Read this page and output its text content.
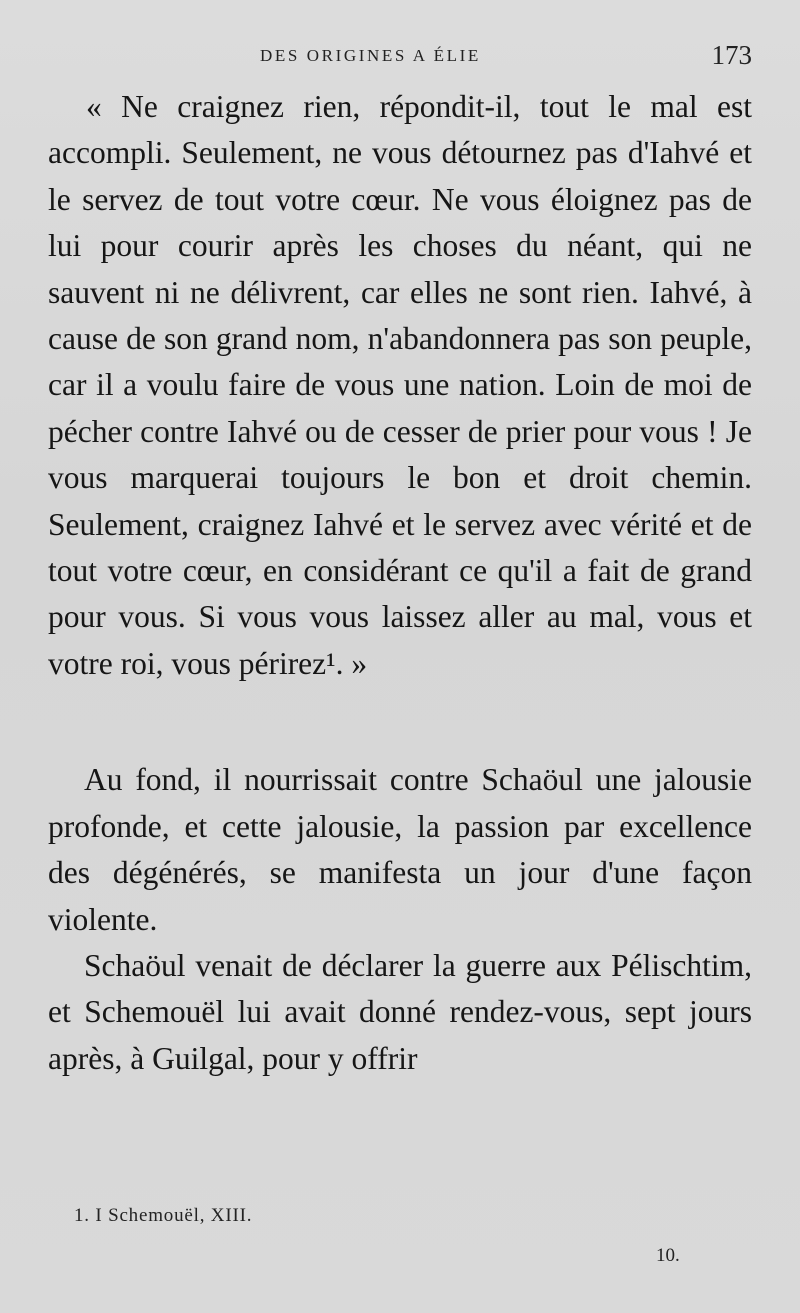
DES ORIGINES A ÉLIE	173

« Ne craignez rien, répondit-il, tout le mal est accompli. Seulement, ne vous détournez pas d'Iahvé et le servez de tout votre cœur. Ne vous éloignez pas de lui pour courir après les choses du néant, qui ne sauvent ni ne délivrent, car elles ne sont rien. Iahvé, à cause de son grand nom, n'abandonnera pas son peuple, car il a voulu faire de vous une nation. Loin de moi de pécher contre Iahvé ou de cesser de prier pour vous ! Je vous marquerai toujours le bon et droit chemin. Seulement, craignez Iahvé et le servez avec vérité et de tout votre cœur, en considérant ce qu'il a fait de grand pour vous. Si vous vous laissez aller au mal, vous et votre roi, vous périrez¹. »

Au fond, il nourrissait contre Schaöul une jalousie profonde, et cette jalousie, la passion par excellence des dégénérés, se manifesta un jour d'une façon violente.

Schaöul venait de déclarer la guerre aux Pélischtim, et Schemouël lui avait donné rendez-vous, sept jours après, à Guilgal, pour y offrir

1. I Schemouël, XIII.
10.
